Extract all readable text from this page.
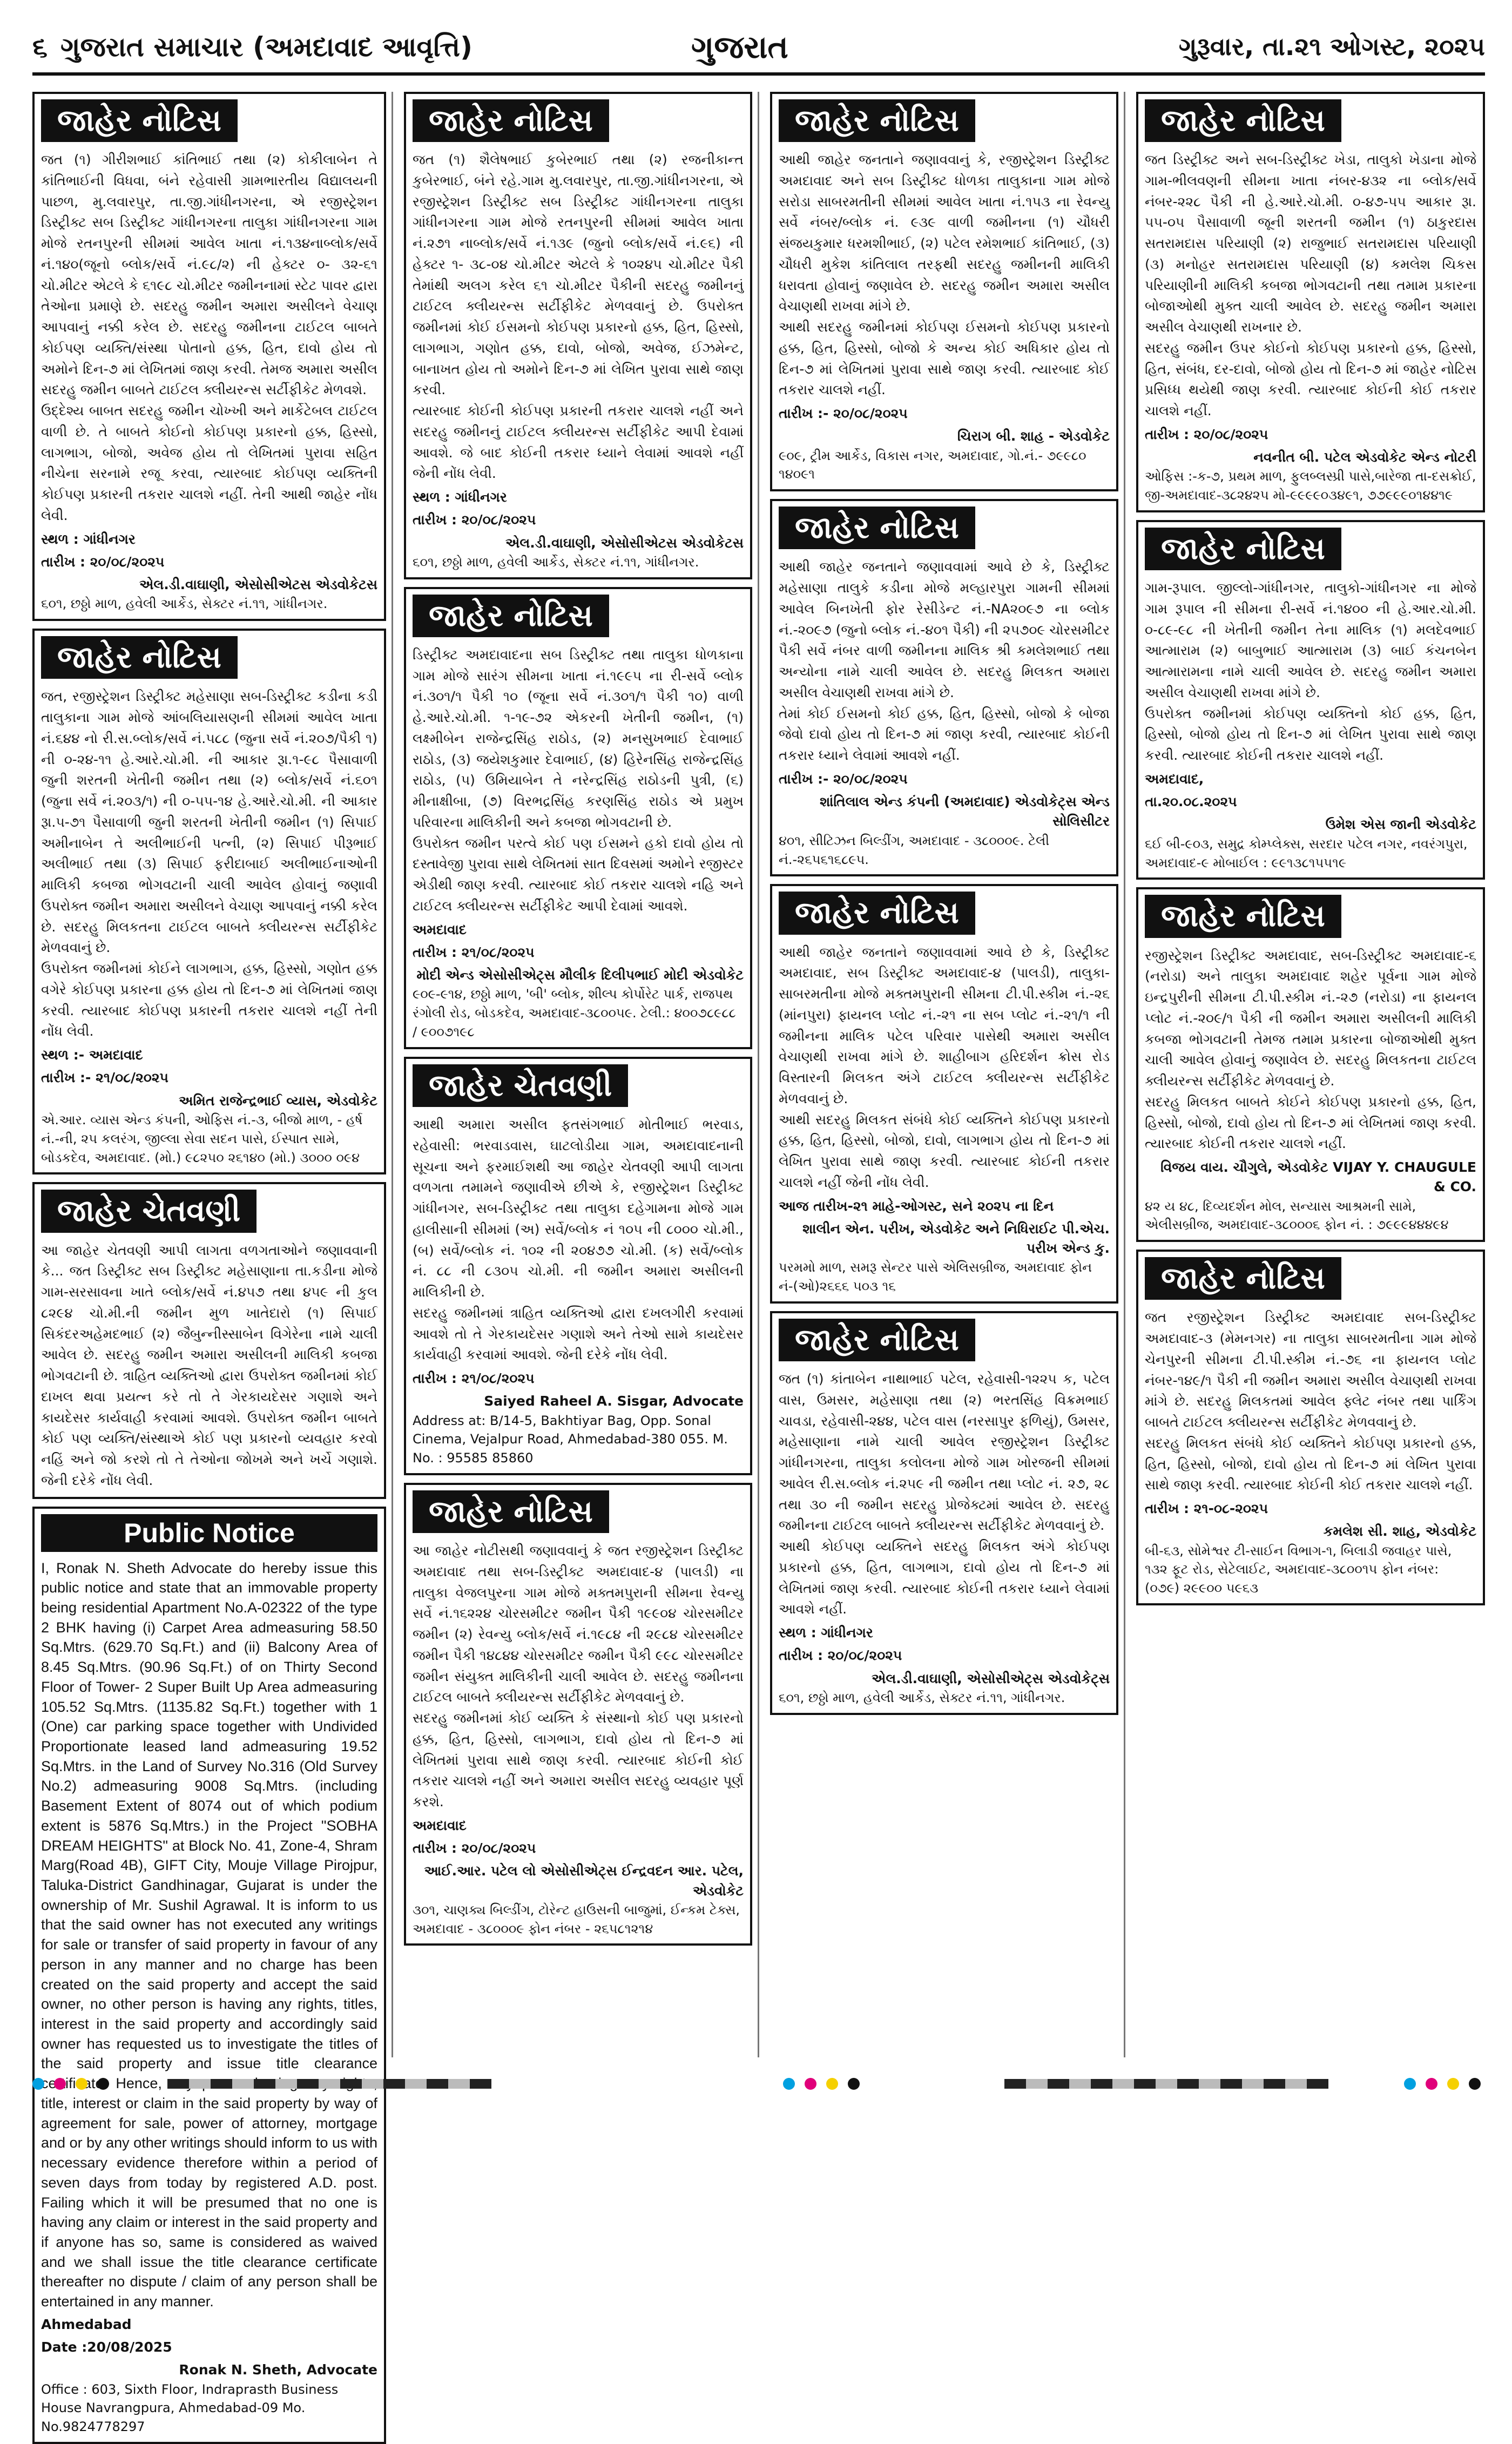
૬ ગુજરાત સમાચાર (અમદાવાદ આવૃત્તિ)	ગુજરાત	ગુરૂવાર, તા.૨૧ ઓગસ્ટ, ૨૦૨૫
જાહેર નોટિસ
જત (૧) ગીરીશભાઈ કાંતિભાઈ તથા (૨) કોકીલાબેન તે કાંતિભાઈની વિધવા, બંને રહેવાસી ગ્રામભારતીય વિદ્યાલયની પાછળ, મુ.લવારપુર, તા.જી.ગાંધીનગરના, એ રજીસ્ટ્રેશન ડિસ્ટ્રીક્ટ સબ ડિસ્ટ્રીક્ટ ગાંધીનગરના તાલુકા ગાંધીનગરના ગામ મોજે રતનપુરની સીમમાં આવેલ ખાતા નં.૧૩૪નાબ્લોક/સર્વે નં.૧૪૦(જૂનો બ્લોક/સર્વે નં.૯૮/૨) ની હેક્ટર ૦- ૩૨-૬૧ ચો.મીટર એટલે કે ૬૧૯૮ ચો.મીટર જમીનનામાં સ્ટેટ પાવર દ્વારા તેઓના પ્રમાણે છે. સદરહુ જમીન અમારા અસીલને વેચાણ આપવાનું નક્કી કરેલ છે. સદરહુ જમીનના ટાઈટલ બાબતે કોઈપણ વ્યક્તિ/સંસ્થા પોતાનો હક્ક, હિત, દાવો હોય તો અમોને દિન-૭ માં લેખિતમાં જાણ કરવી. તેમજ અમારા અસીલ સદરહુ જમીન બાબતે ટાઈટલ ક્લીયરન્સ સર્ટીફીકેટ મેળવશે.
ઉદ્દેશ્ય બાબત સદરહુ જમીન ચોખ્ખી અને માર્કેટેબલ ટાઈટલ વાળી છે. તે બાબતે કોઈનો કોઈપણ પ્રકારનો હક્ક, હિસ્સો, લાગભાગ, બોજો, અવેજ હોય તો લેખિતમાં પુરાવા સહિત નીચેના સરનામે રજૂ કરવા, ત્યારબાદ કોઈપણ વ્યક્તિની કોઈપણ પ્રકારની તકરાર ચાલશે નહીં. તેની આથી જાહેર નોંધ લેવી.
સ્થળ : ગાંધીનગર
તારીખ : ૨૦/૦૮/૨૦૨૫
એલ.ડી.વાઘાણી, એસોસીએટસ એડવોકેટસ
૬૦૧, છઠ્ઠો માળ, હવેલી આર્કેડ, સેક્ટર નં.૧૧, ગાંધીનગર.
જાહેર નોટિસ
જત, રજીસ્ટ્રેશન ડિસ્ટ્રીક્ટ મહેસાણા સબ-ડિસ્ટ્રીક્ટ કડીના કડી તાલુકાના ગામ મોજે આંબલિયાસણની સીમમાં આવેલ ખાતા નં.૬૪૪ નો રી.સ.બ્લોક/સર્વે નં.૫૮૮ (જુના સર્વે નં.૨૦૭/પૈકી ૧) ની ૦-૨૪-૧૧ હે.આરે.ચો.મી. ની આકાર રૂા.૧-૯૮ પૈસાવાળી જુની શરતની ખેતીની જમીન તથા (૨) બ્લોક/સર્વે નં.૬૦૧ (જુના સર્વે નં.૨૦૩/૧) ની ૦-૫૫-૧૪ હે.આરે.ચો.મી. ની આકાર રૂા.૫-૭૧ પૈસાવાળી જુની શરતની ખેતીની જમીન (૧) સિપાઈ અમીનાબેન તે અલીભાઈની પત્ની, (૨) સિપાઈ પીરૂભાઈ અલીભાઈ તથા (૩) સિપાઈ ફરીદાબાઈ અલીભાઈનાઓની માલિકી કબજા ભોગવટાની ચાલી આવેલ હોવાનું જણાવી ઉપરોક્ત જમીન અમારા અસીલને વેચાણ આપવાનું નક્કી કરેલ છે. સદરહુ મિલકતના ટાઈટલ બાબતે ક્લીયરન્સ સર્ટીફીકેટ મેળવવાનું છે.
ઉપરોક્ત જમીનમાં કોઈને લાગભાગ, હક્ક, હિસ્સો, ગણોત હક્ક વગેરે કોઈપણ પ્રકારના હક્ક હોય તો દિન-૭ માં લેખિતમાં જાણ કરવી. ત્યારબાદ કોઈપણ પ્રકારની તકરાર ચાલશે નહીં તેની નોંધ લેવી.
સ્થળ :- અમદાવાદ
તારીખ :- ૨૧/૦૮/૨૦૨૫
અમિત રાજેન્દ્રભાઈ વ્યાસ, એડવોકેટ
એ.આર. વ્યાસ એન્ડ કંપની, ઓફિસ નં.-૩, બીજો માળ, - હર્ષ નં.-ની, ૨૫ કલરંગ, જીલ્લા સેવા સદન પાસે, ઈસ્પાત સામે, બોડકદેવ, અમદાવાદ. (મો.) ૯૮૨૫૦ ૨૬૧૪૦ (મો.) ૩૦૦૦ ૦૯૪
જાહેર ચેતવણી
આ જાહેર ચેતવણી આપી લાગતા વળગતાઓને જણાવવાની કે... જત ડિસ્ટ્રીક્ટ સબ ડિસ્ટ્રીક્ટ મહેસાણાના તા.કડીના મોજે ગામ-સરસાવના ખાતે બ્લોક/સર્વે નં.૪૫૭ તથા ૪૫૯ ની કુલ ૮૨૯૪ ચો.મી.ની જમીન મુળ ખાતેદારો (૧) સિપાઈ સિકંદરઅહેમદભાઈ (૨) જૈબુન્નીસ્સાબેન વિગેરેના નામે ચાલી આવેલ છે. સદરહુ જમીન અમારા અસીલની માલિકી કબજા ભોગવટાની છે. ત્રાહિત વ્યક્તિઓ દ્વારા ઉપરોક્ત જમીનમાં કોઈ દાખલ થવા પ્રયત્ન કરે તો તે ગેરકાયદેસર ગણાશે અને કાયદેસર કાર્યવાહી કરવામાં આવશે. ઉપરોક્ત જમીન બાબતે કોઈ પણ વ્યક્તિ/સંસ્થાએ કોઈ પણ પ્રકારનો વ્યવહાર કરવો નહિં અને જો કરશે તો તે તેઓના જોખમે અને ખર્ચે ગણાશે. જેની દરેકે નોંધ લેવી.
Public Notice
I, Ronak N. Sheth Advocate do hereby issue this public notice and state that an immovable property being residential Apartment No.A-02322 of the type 2 BHK having (i) Carpet Area admeasuring 58.50 Sq.Mtrs. (629.70 Sq.Ft.) and (ii) Balcony Area of 8.45 Sq.Mtrs. (90.96 Sq.Ft.) of on Thirty Second Floor of Tower- 2 Super Built Up Area admeasuring 105.52 Sq.Mtrs. (1135.82 Sq.Ft.) together with 1 (One) car parking space together with Undivided Proportionate leased land admeasuring 19.52 Sq.Mtrs. in the Land of Survey No.316 (Old Survey No.2) admeasuring 9008 Sq.Mtrs. (including Basement Extent of 8074 out of which podium extent is 5876 Sq.Mtrs.) in the Project "SOBHA DREAM HEIGHTS" at Block No. 41, Zone-4, Shram Marg(Road 4B), GIFT City, Mouje Village Pirojpur, Taluka-District Gandhinagar, Gujarat is under the ownership of Mr. Sushil Agrawal. It is inform to us that the said owner has not executed any writings for sale or transfer of said property in favour of any person in any manner and no charge has been created on the said property and accept the said owner, no other person is having any rights, titles, interest in the said property and accordingly said owner has requested us to investigate the titles of the said property and issue title clearance certificate. Hence, title, interest or claim in the said property by way of agreement for sale, power of attorney, mortgage and or by any other writings should inform to us with necessary evidence therefore within a period of seven days from today by registered A.D. post. Failing which it will be presumed that no one is having any claim or interest in the said property and if anyone has so, same is considered as waived and we shall issue the title clearance certificate thereafter no dispute / claim of any person shall be entertained in any manner.
Ahmedabad
Date :20/08/2025
Ronak N. Sheth, Advocate
Office : 603, Sixth Floor, Indraprasth Business House Navrangpura, Ahmedabad-09 Mo. No.9824778297
જાહેર નોટિસ
જત (૧) શૈલેષભાઈ કુબેરભાઈ તથા (૨) રજનીકાન્ત કુબેરભાઈ, બંને રહે.ગામ મુ.લવારપુર, તા.જી.ગાંધીનગરના, એ રજીસ્ટ્રેશન ડિસ્ટ્રીક્ટ સબ ડિસ્ટ્રીક્ટ ગાંધીનગરના તાલુકા ગાંધીનગરના ગામ મોજે રતનપુરની સીમમાં આવેલ ખાતા નં.૨૭૧ નાબ્લોક/સર્વે નં.૧૩૯ (જુનો બ્લોક/સર્વે નં.૯૬) ની હેક્ટર ૧- ૩૮-૦૪ ચો.મીટર એટલે કે ૧૦૨૪૫ ચો.મીટર પૈકી તેમાંથી અલગ કરેલ ૬૧ ચો.મીટર પૈકીની સદરહુ જમીનનું ટાઈટલ ક્લીયરન્સ સર્ટીફીકેટ મેળવવાનું છે. ઉપરોક્ત જમીનમાં કોઈ ઈસમનો કોઈપણ પ્રકારનો હક્ક, હિત, હિસ્સો, લાગભાગ, ગણોત હક્ક, દાવો, બોજો, અવેજ, ઈઝમેન્ટ, બાનાખત હોય તો અમોને દિન-૭ માં લેખિત પુરાવા સાથે જાણ કરવી.
ત્યારબાદ કોઈની કોઈપણ પ્રકારની તકરાર ચાલશે નહીં અને સદરહુ જમીનનું ટાઈટલ ક્લીયરન્સ સર્ટીફીકેટ આપી દેવામાં આવશે. જે બાદ કોઈની તકરાર ધ્યાને લેવામાં આવશે નહીં જેની નોંધ લેવી.
સ્થળ : ગાંધીનગર
તારીખ : ૨૦/૦૮/૨૦૨૫
એલ.ડી.વાઘાણી, એસોસીએટસ એડવોકેટસ
૬૦૧, છઠ્ઠો માળ, હવેલી આર્કેડ, સેક્ટર નં.૧૧, ગાંધીનગર.
જાહેર નોટિસ
ડિસ્ટ્રીક્ટ અમદાવાદના સબ ડિસ્ટ્રીક્ટ તથા તાલુકા ધોળકાના ગામ મોજે સારંગ સીમના ખાતા નં.૧૯૯૫ ના રી-સર્વે બ્લોક નં.૩૦૧/૧ પૈકી ૧૦ (જૂના સર્વે નં.૩૦૧/૧ પૈકી ૧૦) વાળી હે.આરે.ચો.મી. ૧-૧૯-૭૨ એકરની ખેતીની જમીન, (૧) લક્ષ્મીબેન રાજેન્દ્રસિંહ રાઠોડ, (૨) મનસુખભાઈ દેવાભાઈ રાઠોડ, (૩) જયેશકુમાર દેવાભાઈ, (૪) હિરેનસિંહ રાજેન્દ્રસિંહ રાઠોડ, (૫) ઉમિયાબેન તે નરેન્દ્રસિંહ રાઠોડની પુત્રી, (૬) મીનાક્ષીબા, (૭) વિરભદ્રસિંહ કરણસિંહ રાઠોડ એ પ્રમુખ પરિવારના માલિકીની અને કબજા ભોગવટાની છે.
ઉપરોક્ત જમીન પરત્વે કોઈ પણ ઈસમને હકો દાવો હોય તો દસ્તાવેજી પુરાવા સાથે લેખિતમાં સાત દિવસમાં અમોને રજીસ્ટર એડીથી જાણ કરવી. ત્યારબાદ કોઈ તકરાર ચાલશે નહિ અને ટાઈટલ ક્લીયરન્સ સર્ટીફીકેટ આપી દેવામાં આવશે.
અમદાવાદ
તારીખ : ૨૧/૦૮/૨૦૨૫
મોદી એન્ડ એસોસીએટ્સ મૌલીક દિલીપભાઈ મોદી એડવોકેટ
૯૦૯-૯૧૪, છઠ્ઠો માળ, 'બી' બ્લોક, શીલ્પ કોર્પોરેટ પાર્ક, રાજપથ રંગોલી રોડ, બોડકદેવ, અમદાવાદ-૩૮૦૦૫૯. ટેલી.: ૪૦૦૭૮૯૮૮ / ૯૦૦૭૧૯૮
જાહેર ચેતવણી
આથી અમારા અસીલ ફતસંગભાઈ મોતીભાઈ ભરવાડ, રહેવાસી: ભરવાડવાસ, ઘાટલોડીયા ગામ, અમદાવાદનાની સૂચના અને ફરમાઈશથી આ જાહેર ચેતવણી આપી લાગતા વળગતા તમામને જણાવીએ છીએ કે, રજીસ્ટ્રેશન ડિસ્ટ્રીક્ટ ગાંધીનગર, સબ-ડિસ્ટ્રીક્ટ તથા તાલુકા દહેગામના મોજે ગામ હાલીસાની સીમમાં (અ) સર્વે/બ્લોક નં ૧૦૫ ની ૮૦૦૦ ચો.મી., (બ) સર્વે/બ્લોક નં. ૧૦૨ ની ૨૦૪૭૭ ચો.મી. (ક) સર્વે/બ્લોક નં. ૮૮ ની ૮૩૦૫ ચો.મી. ની જમીન અમારા અસીલની માલિકીની છે.
સદરહુ જમીનમાં ત્રાહિત વ્યક્તિઓ દ્વારા દખલગીરી કરવામાં આવશે તો તે ગેરકાયદેસર ગણાશે અને તેઓ સામે કાયદેસર કાર્યવાહી કરવામાં આવશે. જેની દરેકે નોંધ લેવી.
તારીખ : ૨૧/૦૮/૨૦૨૫
Saiyed Raheel A. Sisgar, Advocate
Address at: B/14-5, Bakhtiyar Bag, Opp. Sonal Cinema, Vejalpur Road, Ahmedabad-380 055. M. No. : 95585 85860
જાહેર નોટિસ
આ જાહેર નોટીસથી જણાવવાનું કે જત રજીસ્ટ્રેશન ડિસ્ટ્રીક્ટ અમદાવાદ તથા સબ-ડિસ્ટ્રીક્ટ અમદાવાદ-૪ (પાલડી) ના તાલુકા વેજલપુરના ગામ મોજે મક્તમપુરાની સીમના રેવન્યુ સર્વે નં.૧૬૨૨૪ ચોરસમીટર જમીન પૈકી ૧૯૯૦૪ ચોરસમીટર જમીન (૨) રેવન્યુ બ્લોક/સર્વે નં.૧૯૮૪ ની ૨૯૮૪ ચોરસમીટર જમીન પૈકી ૧૪૮૪૪ ચોરસમીટર જમીન પૈકી ૯૯૮ ચોરસમીટર જમીન સંયુક્ત માલિકીની ચાલી આવેલ છે. સદરહુ જમીનના ટાઈટલ બાબતે ક્લીયરન્સ સર્ટીફીકેટ મેળવવાનું છે.
સદરહુ જમીનમાં કોઈ વ્યક્તિ કે સંસ્થાનો કોઈ પણ પ્રકારનો હક્ક, હિત, હિસ્સો, લાગભાગ, દાવો હોય તો દિન-૭ માં લેખિતમાં પુરાવા સાથે જાણ કરવી. ત્યારબાદ કોઈની કોઈ તકરાર ચાલશે નહીં અને અમારા અસીલ સદરહુ વ્યવહાર પૂર્ણ કરશે.
અમદાવાદ
તારીખ : ૨૦/૦૮/૨૦૨૫
આઈ.આર. પટેલ લો એસોસીએટ્સ ઈન્દ્રવદન આર. પટેલ, એડવોકેટ
૩૦૧, ચાણક્ય બિલ્ડીંગ, ટોરેન્ટ હાઉસની બાજુમાં, ઈન્કમ ટેક્સ, અમદાવાદ - ૩૮૦૦૦૯ ફોન નંબર - ૨૬૫૮૧૨૧૪
જાહેર નોટિસ
આથી જાહેર જનતાને જણાવવાનું કે, રજીસ્ટ્રેશન ડિસ્ટ્રીક્ટ અમદાવાદ અને સબ ડિસ્ટ્રીક્ટ ધોળકા તાલુકાના ગામ મોજે સરોડા સાબરમતીની સીમમાં આવેલ ખાતા નં.૧૫૩ ના રેવન્યુ સર્વે નંબર/બ્લોક નં. ૯૩૯ વાળી જમીનના (૧) ચૌધરી સંજયકુમાર ધરમશીભાઈ, (૨) પટેલ રમેશભાઈ કાંતિભાઈ, (૩) ચૌધરી મુકેશ કાંતિલાલ તરફથી સદરહુ જમીનની માલિકી ધરાવતા હોવાનું જણાવેલ છે. સદરહુ જમીન અમારા અસીલ વેચાણથી રાખવા માંગે છે.
આથી સદરહુ જમીનમાં કોઈપણ ઈસમનો કોઈપણ પ્રકારનો હક્ક, હિત, હિસ્સો, બોજો કે અન્ય કોઈ અધિકાર હોય તો દિન-૭ માં લેખિતમાં પુરાવા સાથે જાણ કરવી. ત્યારબાદ કોઈ તકરાર ચાલશે નહીં.
તારીખ :- ૨૦/૦૮/૨૦૨૫
ચિરાગ બી. શાહ - એડવોકેટ
૯૦૯, ટ્રીમ આર્કેડ, વિકાસ નગર, અમદાવાદ, ગો.નં.- ૭૯૯૮૦ ૧૪૦૯૧
જાહેર નોટિસ
આથી જાહેર જનતાને જણાવવામાં આવે છે કે, ડિસ્ટ્રીક્ટ મહેસાણા તાલુકે કડીના મોજે મલ્હારપુરા ગામની સીમમાં આવેલ બિનખેતી ફોર રેસીડેન્ટ નં.-NA૨૦૯૭ ના બ્લોક નં.-૨૦૯૭ (જુનો બ્લોક નં.-૪૦૧ પૈકી) ની ૨૫૭૦૯ ચોરસમીટર પૈકી સર્વે નંબર વાળી જમીનના માલિક શ્રી કમલેશભાઈ તથા અન્યોના નામે ચાલી આવેલ છે. સદરહુ મિલકત અમારા અસીલ વેચાણથી રાખવા માંગે છે.
તેમાં કોઈ ઈસમનો કોઈ હક્ક, હિત, હિસ્સો, બોજો કે બોજા જેવો દાવો હોય તો દિન-૭ માં જાણ કરવી, ત્યારબાદ કોઈની તકરાર ધ્યાને લેવામાં આવશે નહીં.
તારીખ :- ૨૦/૦૮/૨૦૨૫
શાંતિલાલ એન્ડ કંપની (અમદાવાદ) એડવોકેટ્સ એન્ડ સોલિસીટર
૪૦૧, સીટિઝન બિલ્ડીંગ, અમદાવાદ - ૩૮૦૦૦૯. ટેલી નં.-૨૬૫૬૧૬૮૯૫.
જાહેર નોટિસ
આથી જાહેર જનતાને જણાવવામાં આવે છે કે, ડિસ્ટ્રીક્ટ અમદાવાદ, સબ ડિસ્ટ્રીક્ટ અમદાવાદ-૪ (પાલડી), તાલુકા-સાબરમતીના મોજે મક્તમપુરાની સીમના ટી.પી.સ્કીમ નં.-૨૬ (માંનપુરા) ફાયનલ પ્લોટ નં.-૨૧ ના સબ પ્લોટ નં.-૨૧/૧ ની જમીનના માલિક પટેલ પરિવાર પાસેથી અમારા અસીલ વેચાણથી રાખવા માંગે છે. શાહીબાગ હરિદર્શન ક્રોસ રોડ વિસ્તારની મિલકત અંગે ટાઈટલ ક્લીયરન્સ સર્ટીફીકેટ મેળવવાનું છે.
આથી સદરહુ મિલકત સંબંધે કોઈ વ્યક્તિને કોઈપણ પ્રકારનો હક્ક, હિત, હિસ્સો, બોજો, દાવો, લાગભાગ હોય તો દિન-૭ માં લેખિત પુરાવા સાથે જાણ કરવી. ત્યારબાદ કોઈની તકરાર ચાલશે નહીં જેની નોંધ લેવી.
આજ તારીખ-૨૧ માહે-ઓગસ્ટ, સને ૨૦૨૫ ના દિન
શાલીન એન. પરીખ, એડવોકેટ અને નિધિરાઈટ પી.એચ. પરીખ એન્ડ કુ.
પરમમો માળ, સમરૂ સેન્ટર પાસે એલિસબ્રીજ, અમદાવાદ ફોન નં-(ઓ)૨૬૬૬ ૫૦૩ ૧૬
જાહેર નોટિસ
જત (૧) કાંતાબેન નાથાભાઈ પટેલ, રહેવાસી-૧૨૨૫ ક, પટેલ વાસ, ઉમસર, મહેસાણા તથા (૨) ભરતસિંહ વિક્રમભાઈ ચાવડા, રહેવાસી-૨૪૪, પટેલ વાસ (નરસાપુર ફળિયું), ઉમસર, મહેસાણાના નામે ચાલી આવેલ રજીસ્ટ્રેશન ડિસ્ટ્રીક્ટ ગાંધીનગરના, તાલુકા કલોલના મોજે ગામ ખોરજની સીમમાં આવેલ રી.સ.બ્લોક નં.૨૫૯ ની જમીન તથા પ્લોટ નં. ૨૭, ૨૮ તથા ૩૦ ની જમીન સદરહુ પ્રોજેક્ટમાં આવેલ છે. સદરહુ જમીનના ટાઈટલ બાબતે ક્લીયરન્સ સર્ટીફીકેટ મેળવવાનું છે.
આથી કોઈપણ વ્યક્તિને સદરહુ મિલકત અંગે કોઈપણ પ્રકારનો હક્ક, હિત, લાગભાગ, દાવો હોય તો દિન-૭ માં લેખિતમાં જાણ કરવી. ત્યારબાદ કોઈની તકરાર ધ્યાને લેવામાં આવશે નહીં.
સ્થળ : ગાંધીનગર
તારીખ : ૨૦/૦૮/૨૦૨૫
એલ.ડી.વાઘાણી, એસોસીએટ્સ એડવોકેટ્સ
૬૦૧, છઠ્ઠો માળ, હવેલી આર્કેડ, સેક્ટર નં.૧૧, ગાંધીનગર.
જાહેર નોટિસ
જત ડિસ્ટ્રીક્ટ અને સબ-ડિસ્ટ્રીક્ટ ખેડા, તાલુકો ખેડાના મોજે ગામ-ભીલવણની સીમના ખાતા નંબર-૪૩૨ ના બ્લોક/સર્વે નંબર-૨૨૮ પૈકી ની હે.આરે.ચો.મી. ૦-૪૭-૫૫ આકાર રૂા. ૫૫-૦૫ પૈસાવાળી જૂની શરતની જમીન (૧) ઠાકુરદાસ સતરામદાસ પરિયાણી (૨) રાજુભાઈ સતરામદાસ પરિયાણી (૩) મનોહર સતરામદાસ પરિયાણી (૪) કમલેશ ચિકસ પરિયાણીની માલિકી કબજા ભોગવટાની તથા તમામ પ્રકારના બોજાઓથી મુક્ત ચાલી આવેલ છે. સદરહુ જમીન અમારા અસીલ વેચાણથી રાખનાર છે.
સદરહુ જમીન ઉપર કોઈનો કોઈપણ પ્રકારનો હક્ક, હિસ્સો, હિત, સંબંધ, દર-દાવો, બોજો હોય તો દિન-૭ માં જાહેર નોટિસ પ્રસિધ્ધ થયેથી જાણ કરવી. ત્યારબાદ કોઈની કોઈ તકરાર ચાલશે નહીં.
તારીખ : ૨૦/૦૮/૨૦૨૫
નવનીત બી. પટેલ એડવોકેટ એન્ડ નોટરી
ઓફિસ :-ક-૭, પ્રથમ માળ, ફુલબ્લસ્પ્રી પાસે,બારેજા તા-દસક્રોઈ, જી-અમદાવાદ-૩૮૨૪૨૫ મો-૯૯૯૯૦૩૪૯૧, ૭૭૯૯૯૦૧૪૪૧૯
જાહેર નોટિસ
ગામ-રૂપાલ. જીલ્લો-ગાંધીનગર, તાલુકો-ગાંધીનગર ના મોજે ગામ રૂપાલ ની સીમના રી-સર્વે નં.૧૪૦૦ ની હે.આર.ચો.મી. ૦-૮૯-૯૮ ની ખેતીની જમીન તેના માલિક (૧) મલદેવભાઈ આત્મારામ (૨) બાબુભાઈ આત્મારામ (૩) બાઈ કંચનબેન આત્મારામના નામે ચાલી આવેલ છે. સદરહુ જમીન અમારા અસીલ વેચાણથી રાખવા માંગે છે.
ઉપરોક્ત જમીનમાં કોઈપણ વ્યક્તિનો કોઈ હક્ક, હિત, હિસ્સો, બોજો હોય તો દિન-૭ માં લેખિત પુરાવા સાથે જાણ કરવી. ત્યારબાદ કોઈની તકરાર ચાલશે નહીં.
અમદાવાદ,
તા.૨૦.૦૮.૨૦૨૫
ઉમેશ એસ જાની એડવોકેટ
૬ઈ બી-૯૦૩, સમુદ્ર કોમ્પ્લેક્સ, સરદાર પટેલ નગર, નવરંગપુરા, અમદાવાદ-૯ મોબાઈલ : ૯૯૧૩૮૧૫૫૧૯
જાહેર નોટિસ
રજીસ્ટ્રેશન ડિસ્ટ્રીક્ટ અમદાવાદ, સબ-ડિસ્ટ્રીક્ટ અમદાવાદ-૬ (નરોડા) અને તાલુકા અમદાવાદ શહેર પૂર્વના ગામ મોજે ઇન્દ્રપુરીની સીમના ટી.પી.સ્કીમ નં.-૨૭ (નરોડા) ના ફાયનલ પ્લોટ નં.-૨૦૯/૧ પૈકી ની જમીન અમારા અસીલની માલિકી કબજા ભોગવટાની તેમજ તમામ પ્રકારના બોજાઓથી મુક્ત ચાલી આવેલ હોવાનું જણાવેલ છે. સદરહુ મિલકતના ટાઈટલ ક્લીયરન્સ સર્ટીફીકેટ મેળવવાનું છે.
સદરહુ મિલકત બાબતે કોઈને કોઈપણ પ્રકારનો હક્ક, હિત, હિસ્સો, બોજો, દાવો હોય તો દિન-૭ માં લેખિતમાં જાણ કરવી. ત્યારબાદ કોઈની તકરાર ચાલશે નહીં.
વિજય વાય. ચૌગુલે, એડવોકેટ VIJAY Y. CHAUGULE & CO.
૪૨ ય ૪૮, દિવ્યદર્શન મોલ, સન્યાસ આશ્રમની સામે, એલીસબ્રીજ, અમદાવાદ-૩૮૦૦૦૬ ફોન નં. : ૭૯૯૯૪૪૪૯૪
જાહેર નોટિસ
જત રજીસ્ટ્રેશન ડિસ્ટ્રીક્ટ અમદાવાદ સબ-ડિસ્ટ્રીક્ટ અમદાવાદ-૩ (મેમનગર) ના તાલુકા સાબરમતીના ગામ મોજે ચેનપુરની સીમના ટી.પી.સ્કીમ નં.-૭૬ ના ફાયનલ પ્લોટ નંબર-૧૪૯/૧ પૈકી ની જમીન અમારા અસીલ વેચાણથી રાખવા માંગે છે. સદરહુ મિલકતમાં આવેલ ફ્લેટ નંબર તથા પાર્કિંગ બાબતે ટાઈટલ ક્લીયરન્સ સર્ટીફીકેટ મેળવવાનું છે.
સદરહુ મિલકત સંબંધે કોઈ વ્યક્તિને કોઈપણ પ્રકારનો હક્ક, હિત, હિસ્સો, બોજો, દાવો હોય તો દિન-૭ માં લેખિત પુરાવા સાથે જાણ કરવી. ત્યારબાદ કોઈની કોઈ તકરાર ચાલશે નહીં.
તારીખ : ૨૧-૦૮-૨૦૨૫
કમલેશ સી. શાહ, એડવોકેટ
બી-૬૩, સોમેશ્વર ટી-સાઈન વિભાગ-૧, બિલાડી જવાહર પાસે, ૧૩૨ ફૂટ રોડ, સેટેલાઈટ, અમદાવાદ-૩૮૦૦૧૫ ફોન નંબર: (૦૭૯) ૨૯૯૦૦ ૫૯૬૩
